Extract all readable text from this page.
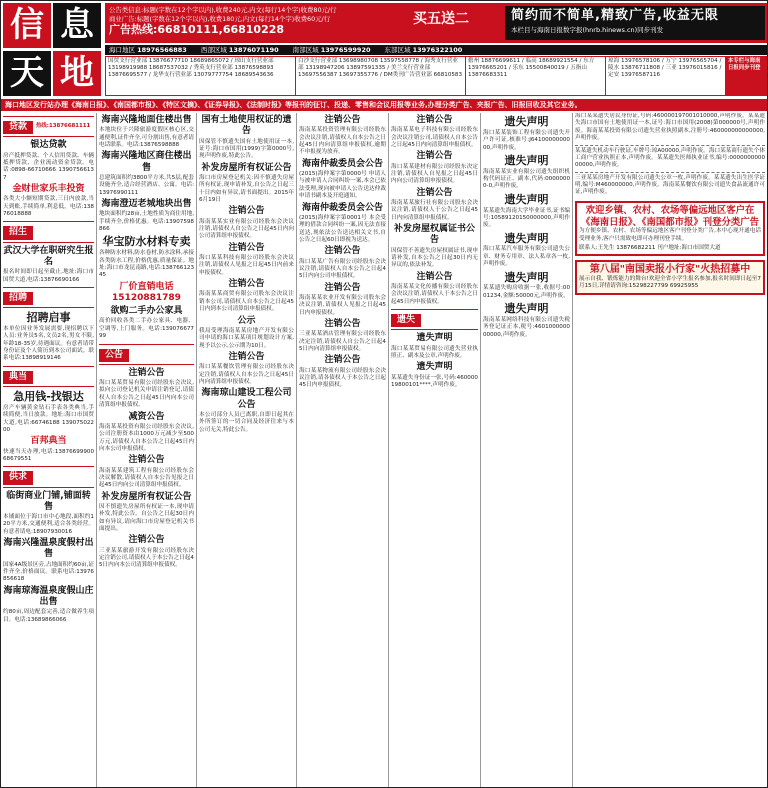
信 息
天 地
公告类信息:标题(字数在12个字以内),收费240元,内文(每行14个字)收费80元/行
商业广告:标题(字数在12个字以内),收费180元,内文(每行14个字)收费60元/行
广告热线:66810111,66810228
买五送二	简约而不简单,精致广告,收益无限
本栏目与海南日报数字报(hnrb.hinews.cn)同步刊发
海口地区 18976566883 西部区域 13876071190 南部区域 13976599920 东部区域 13976322100
国贸支行营业部 13876677710 18689865072 / 琼山支行营业部 13198919988 18687537032 / 秀英支行营业部 13876598893 13876695577 / 龙华支行营业部 13079777754 18689543636
白沙支行营业部 13698980708 13597558778 / 海秀支行营业部 13198947206 13897591335 / 美兰支行营业部 13697556387 13697355776 / DM类刊广告营业部 66810583
儋州 18876699611 / 临高 18689921554 / 东方 13976665201 / 乐东 15500840019 / 五指山 13876683311
琼海 13976578106 / 万宁 13976565704 / 陵水 13876711808 / 三亚 13976015816 / 定安 13976587116
本专栏与海南日报同步刊登
海口地区发行站办理《海南日报》、《南国都市报》、《特区文摘》、《证券导报》、《法制时报》等报刊的征订、投递、零售和会议用报等业务,办理分类广告、夹报广告、旧报回收及其它业务。
贷款	热线:13876681111
银达贷款
房产抵押贷款、个人信用贷款、车辆抵押贷款、企业流动资金贷款。电话:0898-66710666 13907566137
金财世家乐丰投资
各类大小额短期贷款,三日内放款,当天到账,手续简单,利息低。电话:13876018888
招生
武汉大学在职研究生报名
报名时间即日起至截止,地址:海口市国贸大道,电话:13876690166
招聘
招聘启事
本单位因业务发展需要,现招聘以下人员:业务员5名,文员2名,男女不限,年龄18-35岁,待遇面议。有意者请带身份证及个人简历到本公司面试。联系电话:13898919146
典当
急用钱-找银达
房产车辆黄金钻石手表各类典当,手续简便,当日放款。地址:海口市国贸大道,电话:66746188 13907502200
百邦典当
快速当天办理,电话:13876699900 68679551
供求
临街商业门铺,铺面转售
本铺面位于海口市中心地段,面积约120平方米,交通便利,适合各类经营。有意者请电:18907930016
海南兴隆温泉度假村出售
国家4A级景区旁,占地面积约60亩,证件齐全,价格面议。联系电话:13976856618
海南琼海温泉度假山庄出售
约80亩,周边配套完善,适合做养生项目。电话:13689866066
海南兴隆地面住楼出售
本地块位于兴隆旅游度假区核心区,交通便利,证件齐全,可分割出售,有意者请电话联系。电话:13876598888
海南兴隆地区商住楼出售
总建筑面积约3800平方米,共5层,配套设施齐全,适合经营酒店、公寓。电话:13976990111
海南澄迈老城地块出售
地块面积约28亩,土地性质为商住用地,手续齐全,价格优惠。电话:13907598866
华宝防水材料专卖
各种防水材料,防水卷材,防水涂料,承接各类防水工程,价格优惠,质量保证。地址:海口市龙昆南路,电话:13876612345
厂价直销电话15120881789
欲购二手办公家具
高价回收各类二手办公家具、电器、空调等,上门服务。电话:13907667799
公告
注销公告
海口某某贸易有限公司经股东会决议,拟向公司登记机关申请注销登记,请债权人自本公告之日起45日内向本公司清算组申报债权。
减资公告
海南某某投资有限公司经股东会决议,公司注册资本由1000万元减少至500万元,请债权人自本公告之日起45日内向本公司申报债权。
注销公告
海南某某建筑工程有限公司经股东会决议解散,请债权人自本公告见报之日起45日内向公司清算组申报债权。
补发房屋所有权证公告
因不慎遗失房屋所有权证一本,现申请补发,特此公告。自公告之日起30日内如有异议,请向海口市房屋登记机关书面提出。
注销公告
三亚某某旅游开发有限公司经股东决定注销公司,请债权人于本公告之日起45日内向本公司清算组申报债权。
国有土地使用权证的遗告
因保管不慎遗失国有土地使用证一本,证号:海口市国用(1999)字第0000号,现声明作废,特此公告。
补发房屋所有权证公告
海口市房屋登记机关:因不慎遗失房屋所有权证,现申请补发,自公告之日起三十日内如有异议,请书面提出。2015年6月19日
注销公告
海南某某实业有限公司经股东会决议注销,请债权人自公告之日起45日内向公司清算组申报债权。
注销公告
海口某某科技有限公司经股东会决议注销,请债权人见报之日起45日内前来申报债权。
注销公告
海南某某商贸有限公司股东会决议注销本公司,请债权人自本公告之日起45日内到本公司清算组申报债权。
公示
我局受理海南某某房地产开发有限公司申请的海口某某项目规划设计方案,现予以公示,公示期为10日。
注销公告
海口某某餐饮管理有限公司经股东决定注销,请债权人自本公告之日起45日内向清算组申报债权。
海南琼山建设工程公司公告
本公司部分人员已离职,自即日起其在外所签订的一切合同及经济往来与本公司无关,特此公告。
注销公告
海南某某投资管理有限公司经股东会决议注销,请债权人自本公告之日起45日内向清算组申报债权,逾期不申报视为放弃。
海南仲裁委员会公告
(2015)海仲案字第0000号 申请人与被申请人合同纠纷一案,本会已依法受理,现向被申请人公告送达仲裁申请书副本及开庭通知。
海南仲裁委员会公告
(2015)海仲案字第0001号 本会受理的借款合同纠纷一案,因无法直接送达,现依法公告送达相关文书,自公告之日起60日即视为送达。
注销公告
海口某某广告有限公司经股东会决议注销,请债权人自本公告之日起45日内向公司申报债权。
注销公告
海南某某农业开发有限公司股东会决议注销,请债权人见报之日起45日内申报债权。
注销公告
三亚某某酒店管理有限公司经股东决定注销,请债权人自公告之日起45日内向清算组申报债权。
注销公告
海口某某物流有限公司经股东会决议注销,请各债权人于本公告之日起45日内申报债权。
注销公告
海南某某电子科技有限公司经股东会决议注销公司,请债权人自本公告之日起45日内向清算组申报债权。
注销公告
海口某某建材有限公司经股东决定注销,请债权人自见报之日起45日内向公司清算组申报债权。
注销公告
海南某某旅行社有限公司股东会决议注销,请债权人于公告之日起45日内向清算组申报债权。
补发房屋权属证书公告
因保管不善遗失房屋权属证书,现申请补发,自本公告之日起30日内无异议的,依法补发。
注销公告
海南某某文化传播有限公司经股东会决议注销,请债权人于本公告之日起45日内申报债权。
遗失
遗失声明
海口某某贸易有限公司遗失营业执照正、副本及公章,声明作废。
遗失声明
某某遗失身份证一张,号码:46000019800101****,声明作废。
遗失声明
海口某某装饰工程有限公司遗失开户许可证,核准号:J6410000000000,声明作废。
遗失声明
海南某某实业有限公司遗失组织机构代码证正、副本,代码:00000000-0,声明作废。
遗失声明
某某遗失海南大学毕业证书,证书编号:10589120150000000,声明作废。
遗失声明
海口某某汽车服务有限公司遗失公章、财务专用章、法人私章各一枚,声明作废。
遗失声明
某某遗失购房收据一张,收据号:0001234,金额:50000元,声明作废。
遗失声明
海南某某网络科技有限公司遗失税务登记证正本,税号:460100000000000,声明作废。
海口某某遗失居民身份证,号码:460000197001010000,声明作废。某某遗失海口市国有土地使用证一本,证号:海口市国用(2008)第000000号,声明作废。海南某某投资有限公司遗失营业执照副本,注册号:460000000000000,声明作废。
某某遗失机动车行驶证,车牌号:琼A00000,声明作废。海口某某商行遗失个体工商户营业执照正本,声明作废。某某遗失医师执业证书,编号:000000000000000,声明作废。
三亚某某房地产开发有限公司遗失公章一枚,声明作废。某某遗失出生医学证明,编号:M460000000,声明作废。海南某某餐饮有限公司遗失食品流通许可证,声明作废。
欢迎乡镇、农村、农场等偏远地区客户在《海南日报》、《南国都市报》刊登分类广告
为方便乡镇、农村、农场等偏远地区客户刊登分类广告,本中心现开通电话受理业务,客户只需致电即可办理刊登手续。
联系人:王先生 13876682211 刊户地址:海口市国贸大道
第八届"南国卖报小行家"火热招募中
展示自我、锻炼能力的舞台!欢迎全省小学生报名参加,报名时间即日起至7月15日,详情请咨询:15298227799 69925955
